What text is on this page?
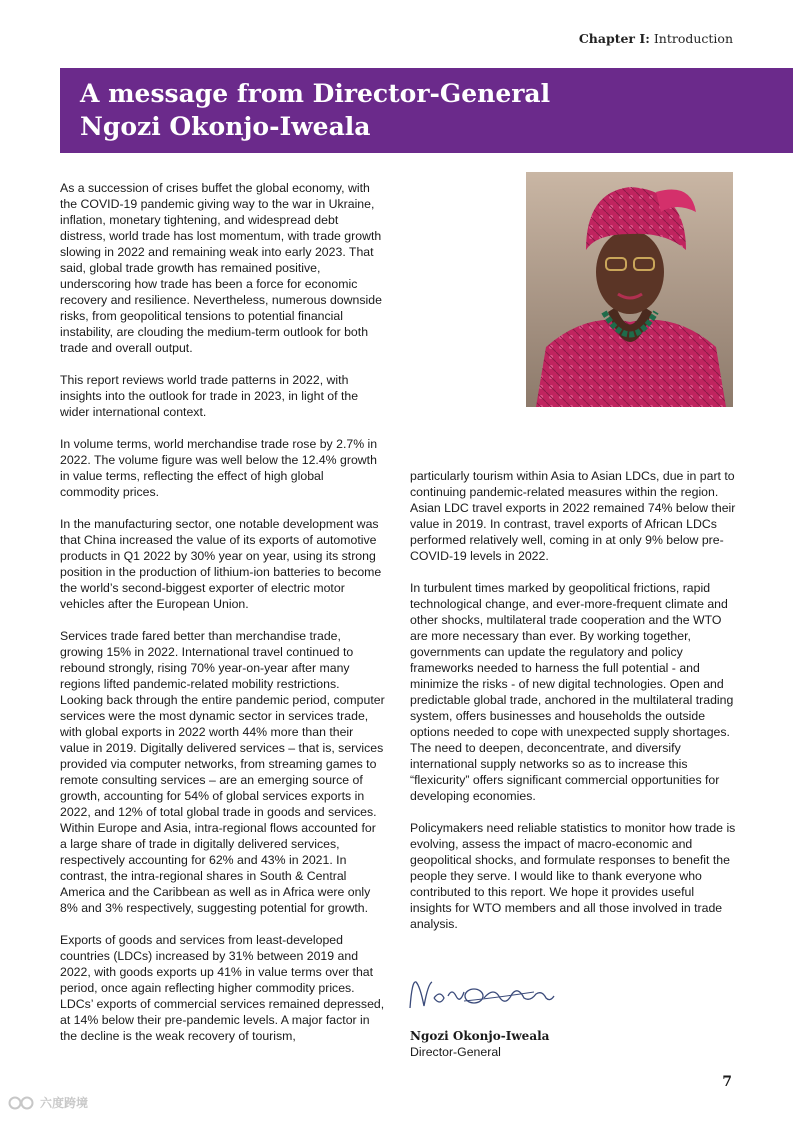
Chapter I: Introduction
A message from Director-General
Ngozi Okonjo-Iweala

As a succession of crises buffet the global economy, with the COVID-19 pandemic giving way to the war in Ukraine, inflation, monetary tightening, and widespread debt distress, world trade has lost momentum, with trade growth slowing in 2022 and remaining weak into early 2023. That said, global trade growth has remained positive, underscoring how trade has been a force for economic recovery and resilience. Nevertheless, numerous downside risks, from geopolitical tensions to potential financial instability, are clouding the medium-term outlook for both trade and overall output.

This report reviews world trade patterns in 2022, with insights into the outlook for trade in 2023, in light of the wider international context.

In volume terms, world merchandise trade rose by 2.7% in 2022. The volume figure was well below the 12.4% growth in value terms, reflecting the effect of high global commodity prices.

In the manufacturing sector, one notable development was that China increased the value of its exports of automotive products in Q1 2022 by 30% year on year, using its strong position in the production of lithium-ion batteries to become the world’s second-biggest exporter of electric motor vehicles after the European Union.

Services trade fared better than merchandise trade, growing 15% in 2022. International travel continued to rebound strongly, rising 70% year-on-year after many regions lifted pandemic-related mobility restrictions. Looking back through the entire pandemic period, computer services were the most dynamic sector in services trade, with global exports in 2022 worth 44% more than their value in 2019. Digitally delivered services – that is, services provided via computer networks, from streaming games to remote consulting services – are an emerging source of growth, accounting for 54% of global services exports in 2022, and 12% of total global trade in goods and services. Within Europe and Asia, intra-regional flows accounted for a large share of trade in digitally delivered services, respectively accounting for 62% and 43% in 2021. In contrast, the intra-regional shares in South & Central America and the Caribbean as well as in Africa were only 8% and 3% respectively, suggesting potential for growth.

Exports of goods and services from least-developed countries (LDCs) increased by 31% between 2019 and 2022, with goods exports up 41% in value terms over that period, once again reflecting higher commodity prices. LDCs’ exports of commercial services remained depressed, at 14% below their pre-pandemic levels. A major factor in the decline is the weak recovery of tourism,

particularly tourism within Asia to Asian LDCs, due in part to continuing pandemic-related measures within the region. Asian LDC travel exports in 2022 remained 74% below their value in 2019. In contrast, travel exports of African LDCs performed relatively well, coming in at only 9% below pre-COVID-19 levels in 2022.

In turbulent times marked by geopolitical frictions, rapid technological change, and ever-more-frequent climate and other shocks, multilateral trade cooperation and the WTO are more necessary than ever. By working together, governments can update the regulatory and policy frameworks needed to harness the full potential - and minimize the risks - of new digital technologies. Open and predictable global trade, anchored in the multilateral trading system, offers businesses and households the outside options needed to cope with unexpected supply shortages. The need to deepen, deconcentrate, and diversify international supply networks so as to increase this “flexicurity” offers significant commercial opportunities for developing economies.

Policymakers need reliable statistics to monitor how trade is evolving, assess the impact of macro-economic and geopolitical shocks, and formulate responses to benefit the people they serve. I would like to thank everyone who contributed to this report. We hope it provides useful insights for WTO members and all those involved in trade analysis.

Ngozi Okonjo-Iweala
Director-General
7
六度跨境
